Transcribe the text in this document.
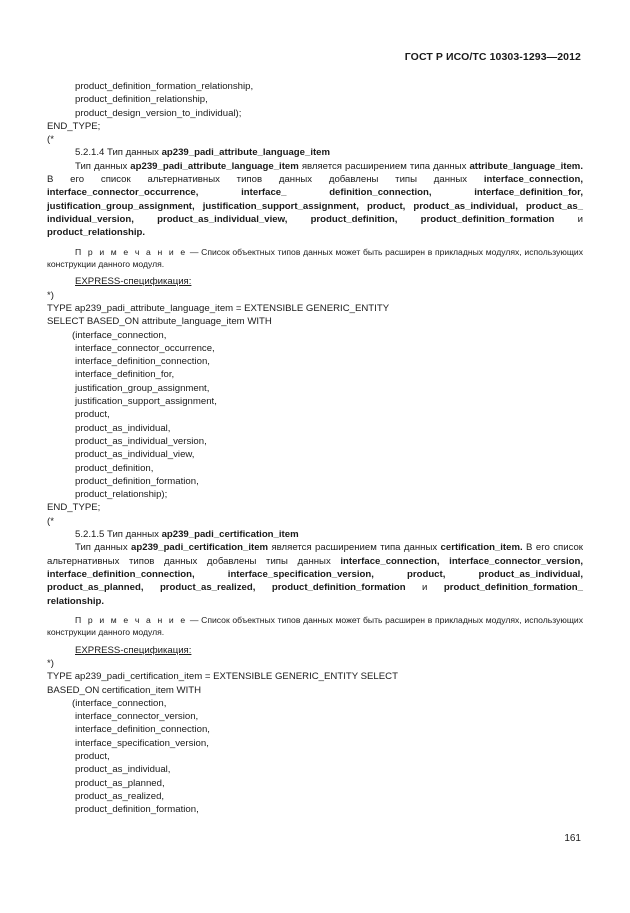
ГОСТ Р ИСО/ТС 10303-1293—2012
product_definition_formation_relationship,
product_definition_relationship,
product_design_version_to_individual);
END_TYPE;
(*
5.2.1.4 Тип данных ap239_padi_attribute_language_item

Тип данных ap239_padi_attribute_language_item является расширением типа данных attribute_language_item. В его список альтернативных типов данных добавлены типы данных interface_connection, interface_connector_occurrence, interface_ definition_connection, interface_definition_for, justification_group_assignment, justification_support_assignment, product, product_as_individual, product_as_ individual_version, product_as_individual_view, product_definition, product_definition_formation и product_relationship.

П р и м е ч а н и е — Список объектных типов данных может быть расширен в прикладных модулях, использующих конструкции данного модуля.
EXPRESS-спецификация:
*)
TYPE ap239_padi_attribute_language_item = EXTENSIBLE GENERIC_ENTITY
SELECT BASED_ON attribute_language_item WITH
(interface_connection,
interface_connector_occurrence,
interface_definition_connection,
interface_definition_for,
justification_group_assignment,
justification_support_assignment,
product,
product_as_individual,
product_as_individual_version,
product_as_individual_view,
product_definition,
product_definition_formation,
product_relationship);
END_TYPE;
(*
5.2.1.5 Тип данных ap239_padi_certification_item

Тип данных ap239_padi_certification_item является расширением типа данных certification_item. В его список альтернативных типов данных добавлены типы данных interface_connection, interface_connector_version, interface_definition_connection, interface_specification_version, product, product_as_individual, product_as_planned, product_as_realized, product_definition_formation и product_definition_formation_ relationship.

П р и м е ч а н и е — Список объектных типов данных может быть расширен в прикладных модулях, использующих конструкции данного модуля.
EXPRESS-спецификация:
*)
TYPE ap239_padi_certification_item = EXTENSIBLE GENERIC_ENTITY SELECT
BASED_ON certification_item WITH
(interface_connection,
interface_connector_version,
interface_definition_connection,
interface_specification_version,
product,
product_as_individual,
product_as_planned,
product_as_realized,
product_definition_formation,
161
